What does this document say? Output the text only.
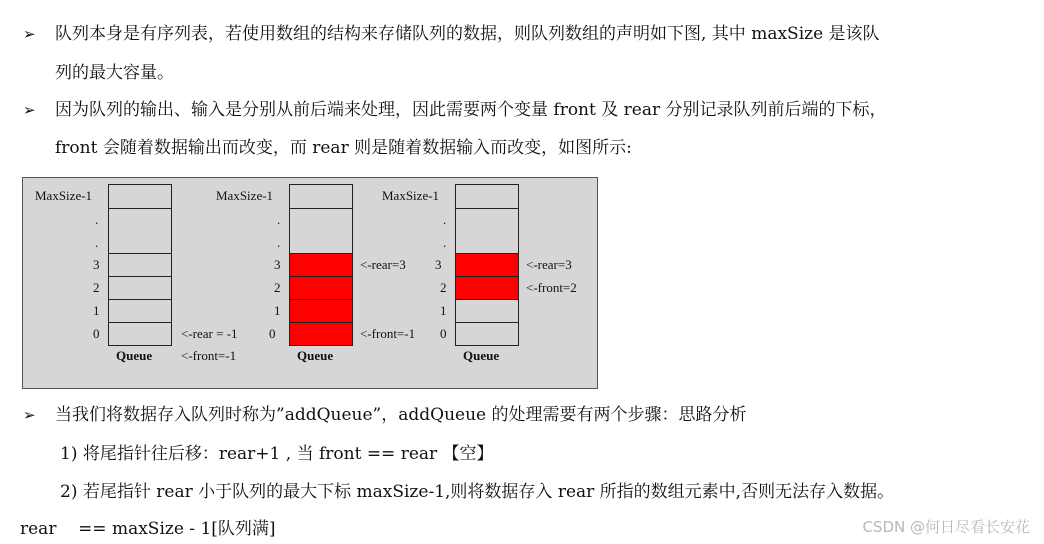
➢ 队列本身是有序列表，若使用数组的结构来存储队列的数据，则队列数组的声明如下图, 其中 maxSize 是该队
列的最大容量。
➢ 因为队列的输出、输入是分别从前后端来处理，因此需要两个变量 front 及 rear 分别记录队列前后端的下标，
front 会随着数据输出而改变，而 rear 则是随着数据输入而改变，如图所示:
MaxSize-1
.
.
3
2
1
0	<-rear = -1
<-front=-1
Queue
MaxSize-1
.
.
3
2
1
0
<-rear=3
<-front=-1
Queue
MaxSize-1
.
.
3
2
1
0
<-rear=3
<-front=2
Queue
➢ 当我们将数据存入队列时称为”addQueue”，addQueue 的处理需要有两个步骤：思路分析
1) 将尾指针往后移：rear+1 , 当 front == rear 【空】
2) 若尾指针 rear 小于队列的最大下标 maxSize-1,则将数据存入 rear 所指的数组元素中,否则无法存入数据。
rear    == maxSize - 1[队列满]	CSDN @何日尽看长安花
